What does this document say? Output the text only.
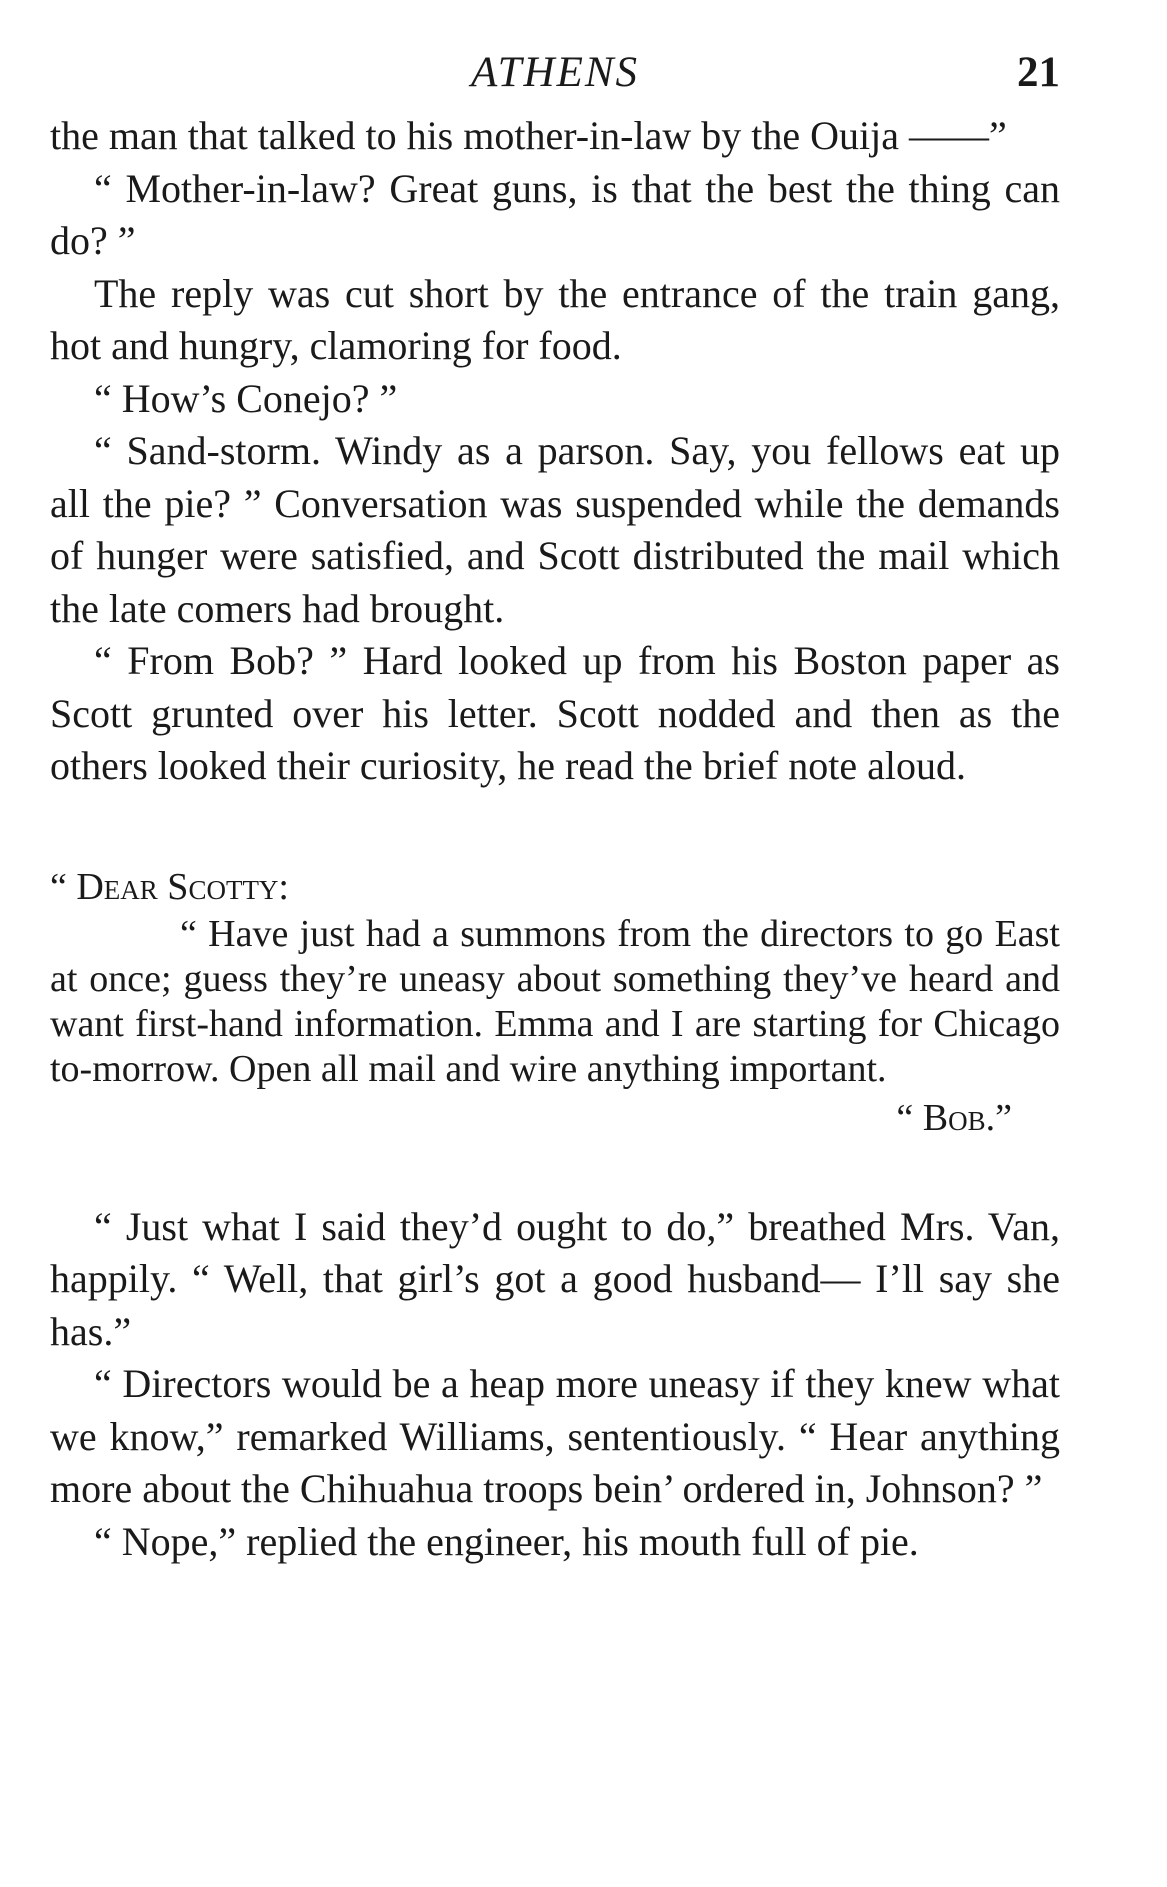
ATHENS	21

the man that talked to his mother-in-law by the Ouija ——”

“ Mother-in-law? Great guns, is that the best the thing can do? ”

The reply was cut short by the entrance of the train gang, hot and hungry, clamoring for food.

“ How’s Conejo? ”

“ Sand-storm. Windy as a parson. Say, you fellows eat up all the pie? ” Conversation was suspended while the demands of hunger were satisfied, and Scott distributed the mail which the late comers had brought.

“ From Bob? ” Hard looked up from his Boston paper as Scott grunted over his letter. Scott nodded and then as the others looked their curiosity, he read the brief note aloud.

“ Dear Scotty:

“ Have just had a summons from the directors to go East at once; guess they’re uneasy about something they’ve heard and want first-hand information. Emma and I are starting for Chicago to-morrow. Open all mail and wire anything important.

“ Bob.”

“ Just what I said they’d ought to do,” breathed Mrs. Van, happily. “ Well, that girl’s got a good husband— I’ll say she has.”

“ Directors would be a heap more uneasy if they knew what we know,” remarked Williams, sententiously. “ Hear anything more about the Chihuahua troops bein’ ordered in, Johnson? ”

“ Nope,” replied the engineer, his mouth full of pie.
